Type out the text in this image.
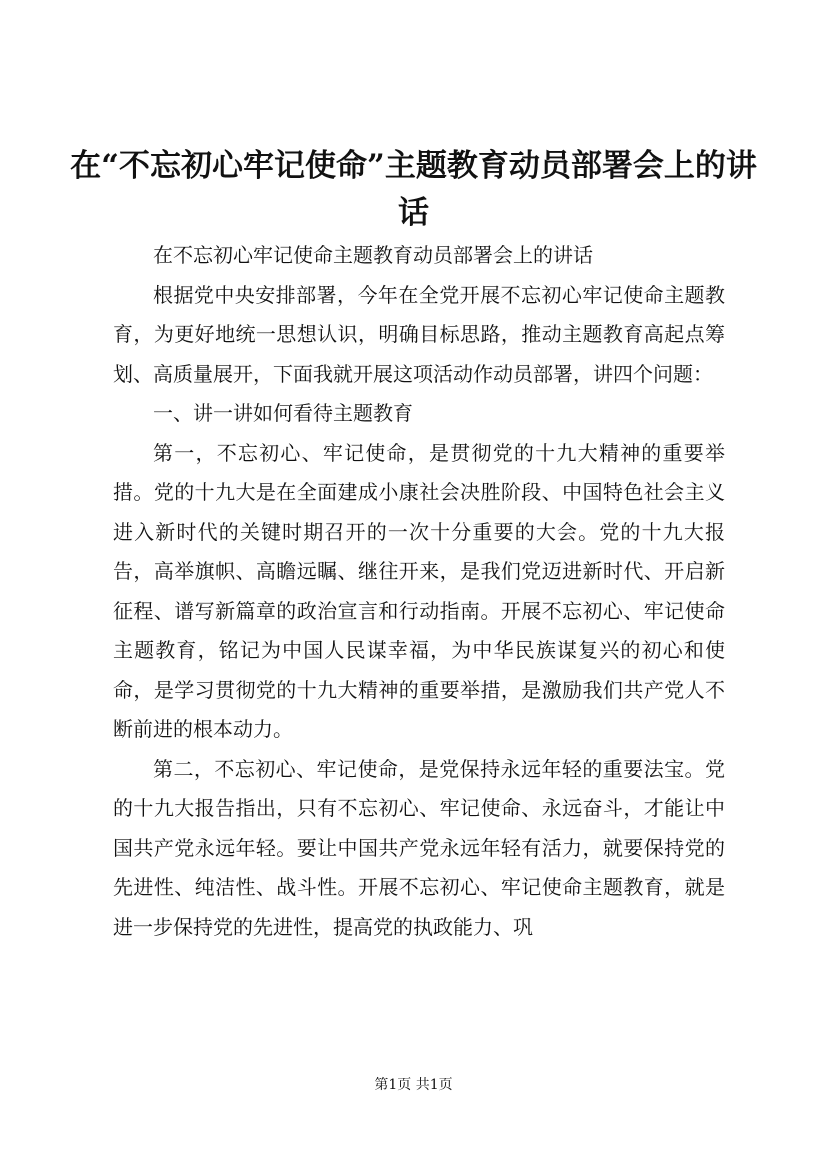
在“不忘初心牢记使命”主题教育动员部署会上的讲话

在不忘初心牢记使命主题教育动员部署会上的讲话

根据党中央安排部署，今年在全党开展不忘初心牢记使命主题教育，为更好地统一思想认识，明确目标思路，推动主题教育高起点筹划、高质量展开，下面我就开展这项活动作动员部署，讲四个问题：

一、讲一讲如何看待主题教育

第一，不忘初心、牢记使命，是贯彻党的十九大精神的重要举措。党的十九大是在全面建成小康社会决胜阶段、中国特色社会主义进入新时代的关键时期召开的一次十分重要的大会。党的十九大报告，高举旗帜、高瞻远瞩、继往开来，是我们党迈进新时代、开启新征程、谱写新篇章的政治宣言和行动指南。开展不忘初心、牢记使命主题教育，铭记为中国人民谋幸福，为中华民族谋复兴的初心和使命，是学习贯彻党的十九大精神的重要举措，是激励我们共产党人不断前进的根本动力。

第二，不忘初心、牢记使命，是党保持永远年轻的重要法宝。党的十九大报告指出，只有不忘初心、牢记使命、永远奋斗，才能让中国共产党永远年轻。要让中国共产党永远年轻有活力，就要保持党的先进性、纯洁性、战斗性。开展不忘初心、牢记使命主题教育，就是进一步保持党的先进性，提高党的执政能力、巩

第1页 共1页
